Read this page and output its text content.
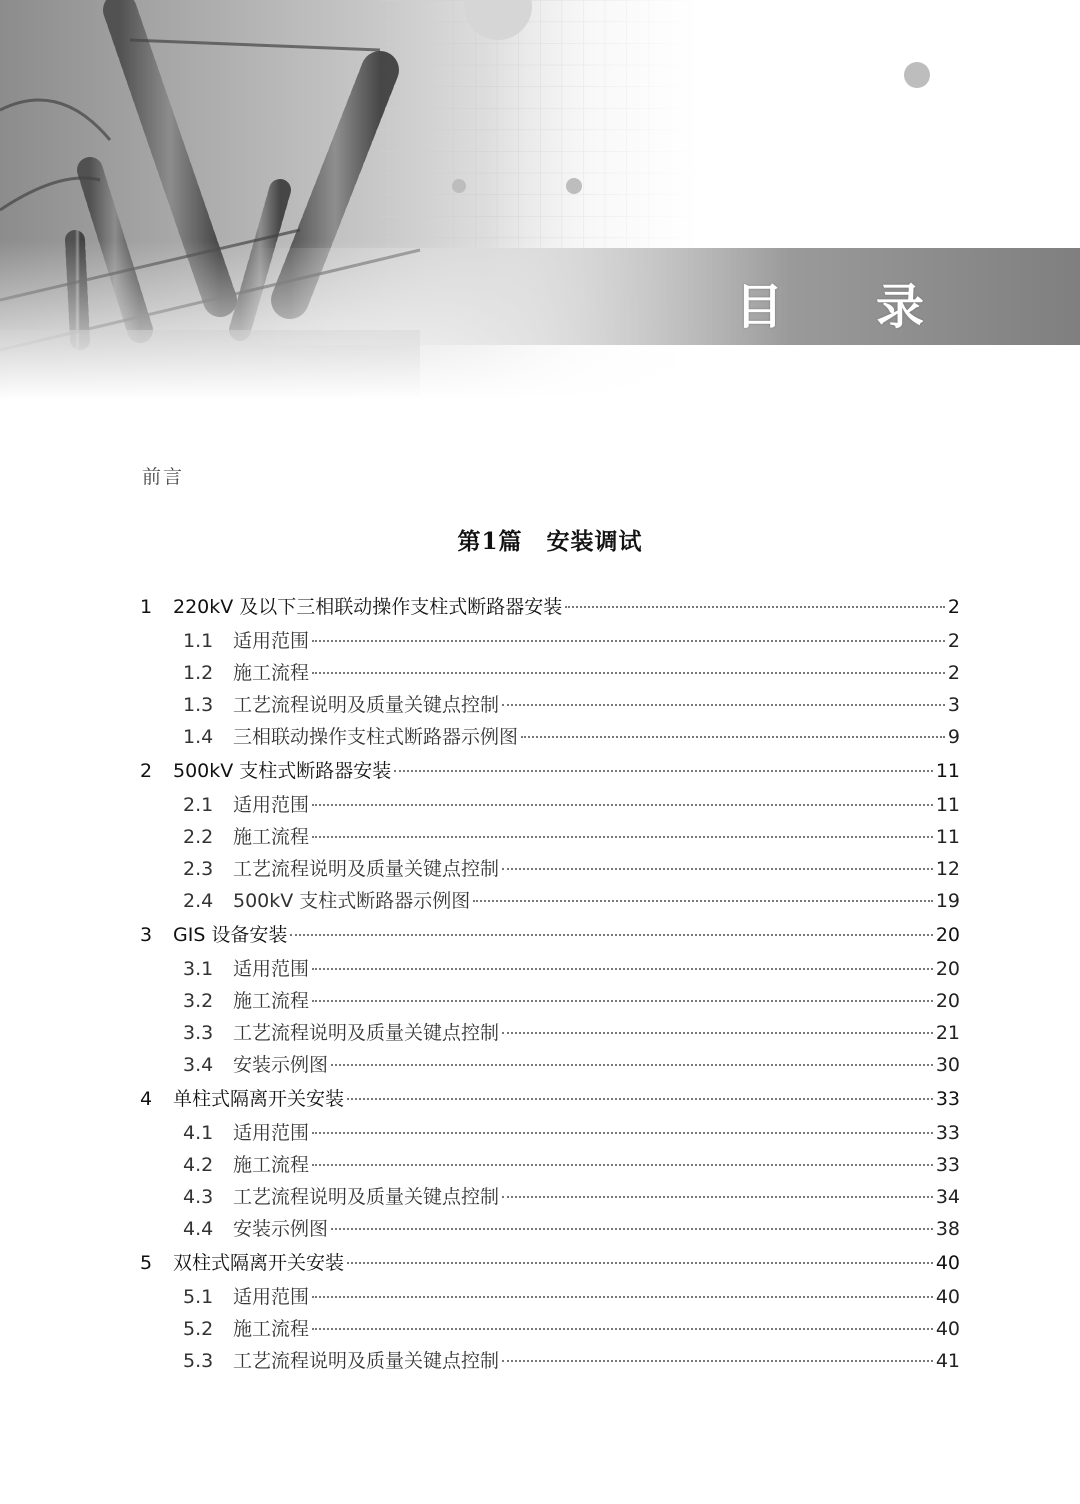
目 录
前言
第1篇　安装调试
1	220kV 及以下三相联动操作支柱式断路器安装	2
1.1	适用范围	2
1.2	施工流程	2
1.3	工艺流程说明及质量关键点控制	3
1.4	三相联动操作支柱式断路器示例图	9
2	500kV 支柱式断路器安装	11
2.1	适用范围	11
2.2	施工流程	11
2.3	工艺流程说明及质量关键点控制	12
2.4	500kV 支柱式断路器示例图	19
3	GIS 设备安装	20
3.1	适用范围	20
3.2	施工流程	20
3.3	工艺流程说明及质量关键点控制	21
3.4	安装示例图	30
4	单柱式隔离开关安装	33
4.1	适用范围	33
4.2	施工流程	33
4.3	工艺流程说明及质量关键点控制	34
4.4	安装示例图	38
5	双柱式隔离开关安装	40
5.1	适用范围	40
5.2	施工流程	40
5.3	工艺流程说明及质量关键点控制	41
